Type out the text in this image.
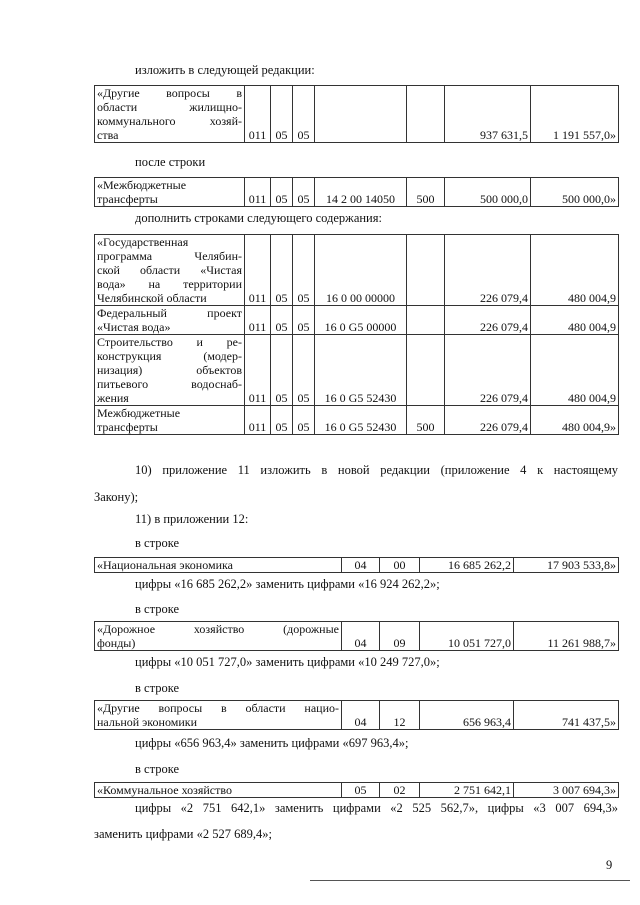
изложить в следующей редакции:
«Другие вопросы в
области жилищно-
коммунального хозяй-
ства	011	05	05			937 631,5	1 191 557,0»
после строки
«Межбюджетные
трансферты	011	05	05	14 2 00 14050	500	500 000,0	500 000,0»
дополнить строками следующего содержания:
«Государственная
программа Челябин-
ской области «Чистая
вода» на территории
Челябинской области	011	05	05	16 0 00 00000		226 079,4	480 004,9

Федеральный проект
«Чистая вода»	011	05	05	16 0 G5 00000		226 079,4	480 004,9

Строительство и ре-
конструкция (модер-
низация) объектов
питьевого водоснаб-
жения	011	05	05	16 0 G5 52430		226 079,4	480 004,9

Межбюджетные
трансферты	011	05	05	16 0 G5 52430	500	226 079,4	480 004,9»
10) приложение 11 изложить в новой редакции (приложение 4 к настоящему
Закону);
11) в приложении 12:
в строке
«Национальная экономика	04	00	16 685 262,2	17 903 533,8»
цифры «16 685 262,2» заменить цифрами «16 924 262,2»;
в строке
«Дорожное хозяйство (дорожные
фонды)	04	09	10 051 727,0	11 261 988,7»
цифры «10 051 727,0» заменить цифрами «10 249 727,0»;
в строке
«Другие вопросы в области нацио-
нальной экономики	04	12	656 963,4	741 437,5»
цифры «656 963,4» заменить цифрами «697 963,4»;
в строке
«Коммунальное хозяйство	05	02	2 751 642,1	3 007 694,3»
цифры «2 751 642,1» заменить цифрами «2 525 562,7», цифры «3 007 694,3»
заменить цифрами «2 527 689,4»;
9
